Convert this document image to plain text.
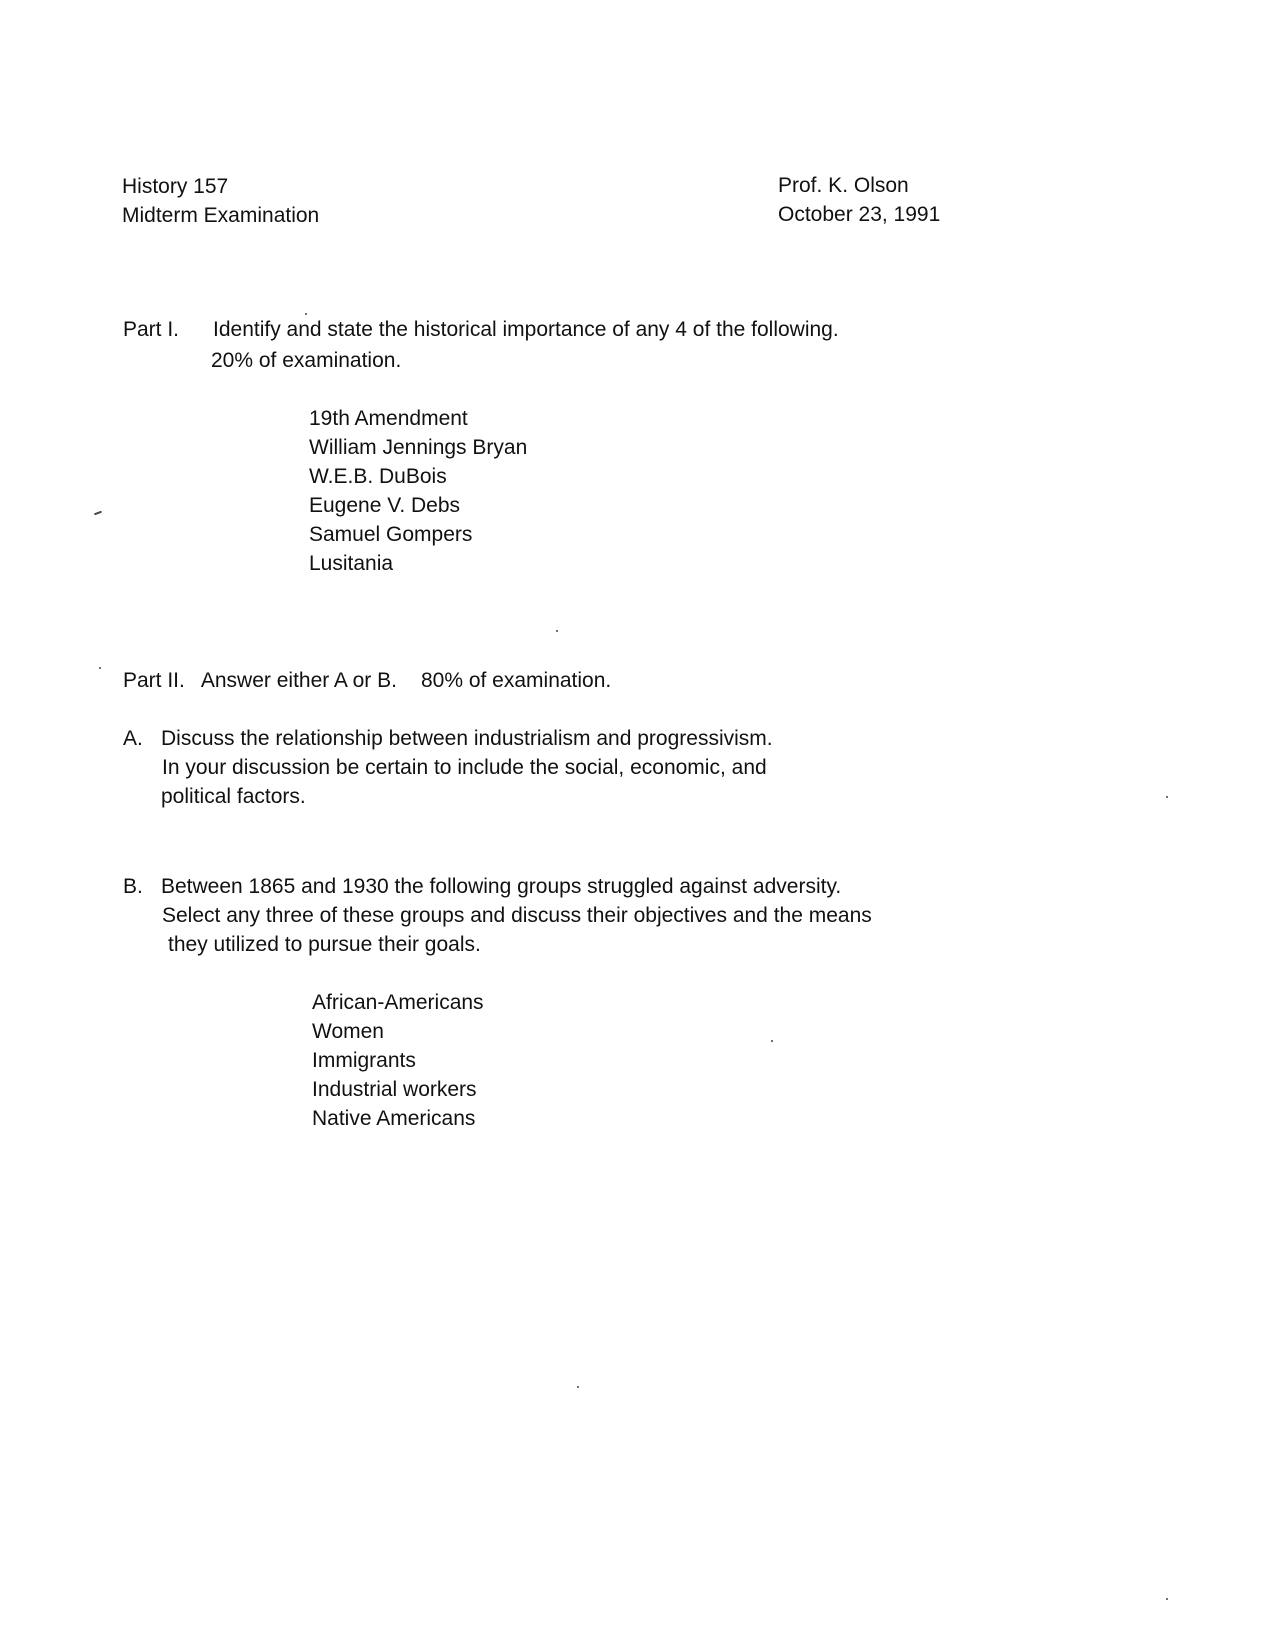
History 157
Midterm Examination
Prof. K. Olson
October 23, 1991
Part I. Identify and state the historical importance of any 4 of the following.
20% of examination.
19th Amendment
William Jennings Bryan
W.E.B. DuBois
Eugene V. Debs
Samuel Gompers
Lusitania
Part II. Answer either A or B. 80% of examination.
A. Discuss the relationship between industrialism and progressivism.
In your discussion be certain to include the social, economic, and
political factors.
B. Between 1865 and 1930 the following groups struggled against adversity.
Select any three of these groups and discuss their objectives and the means
they utilized to pursue their goals.
African-Americans
Women
Immigrants
Industrial workers
Native Americans
